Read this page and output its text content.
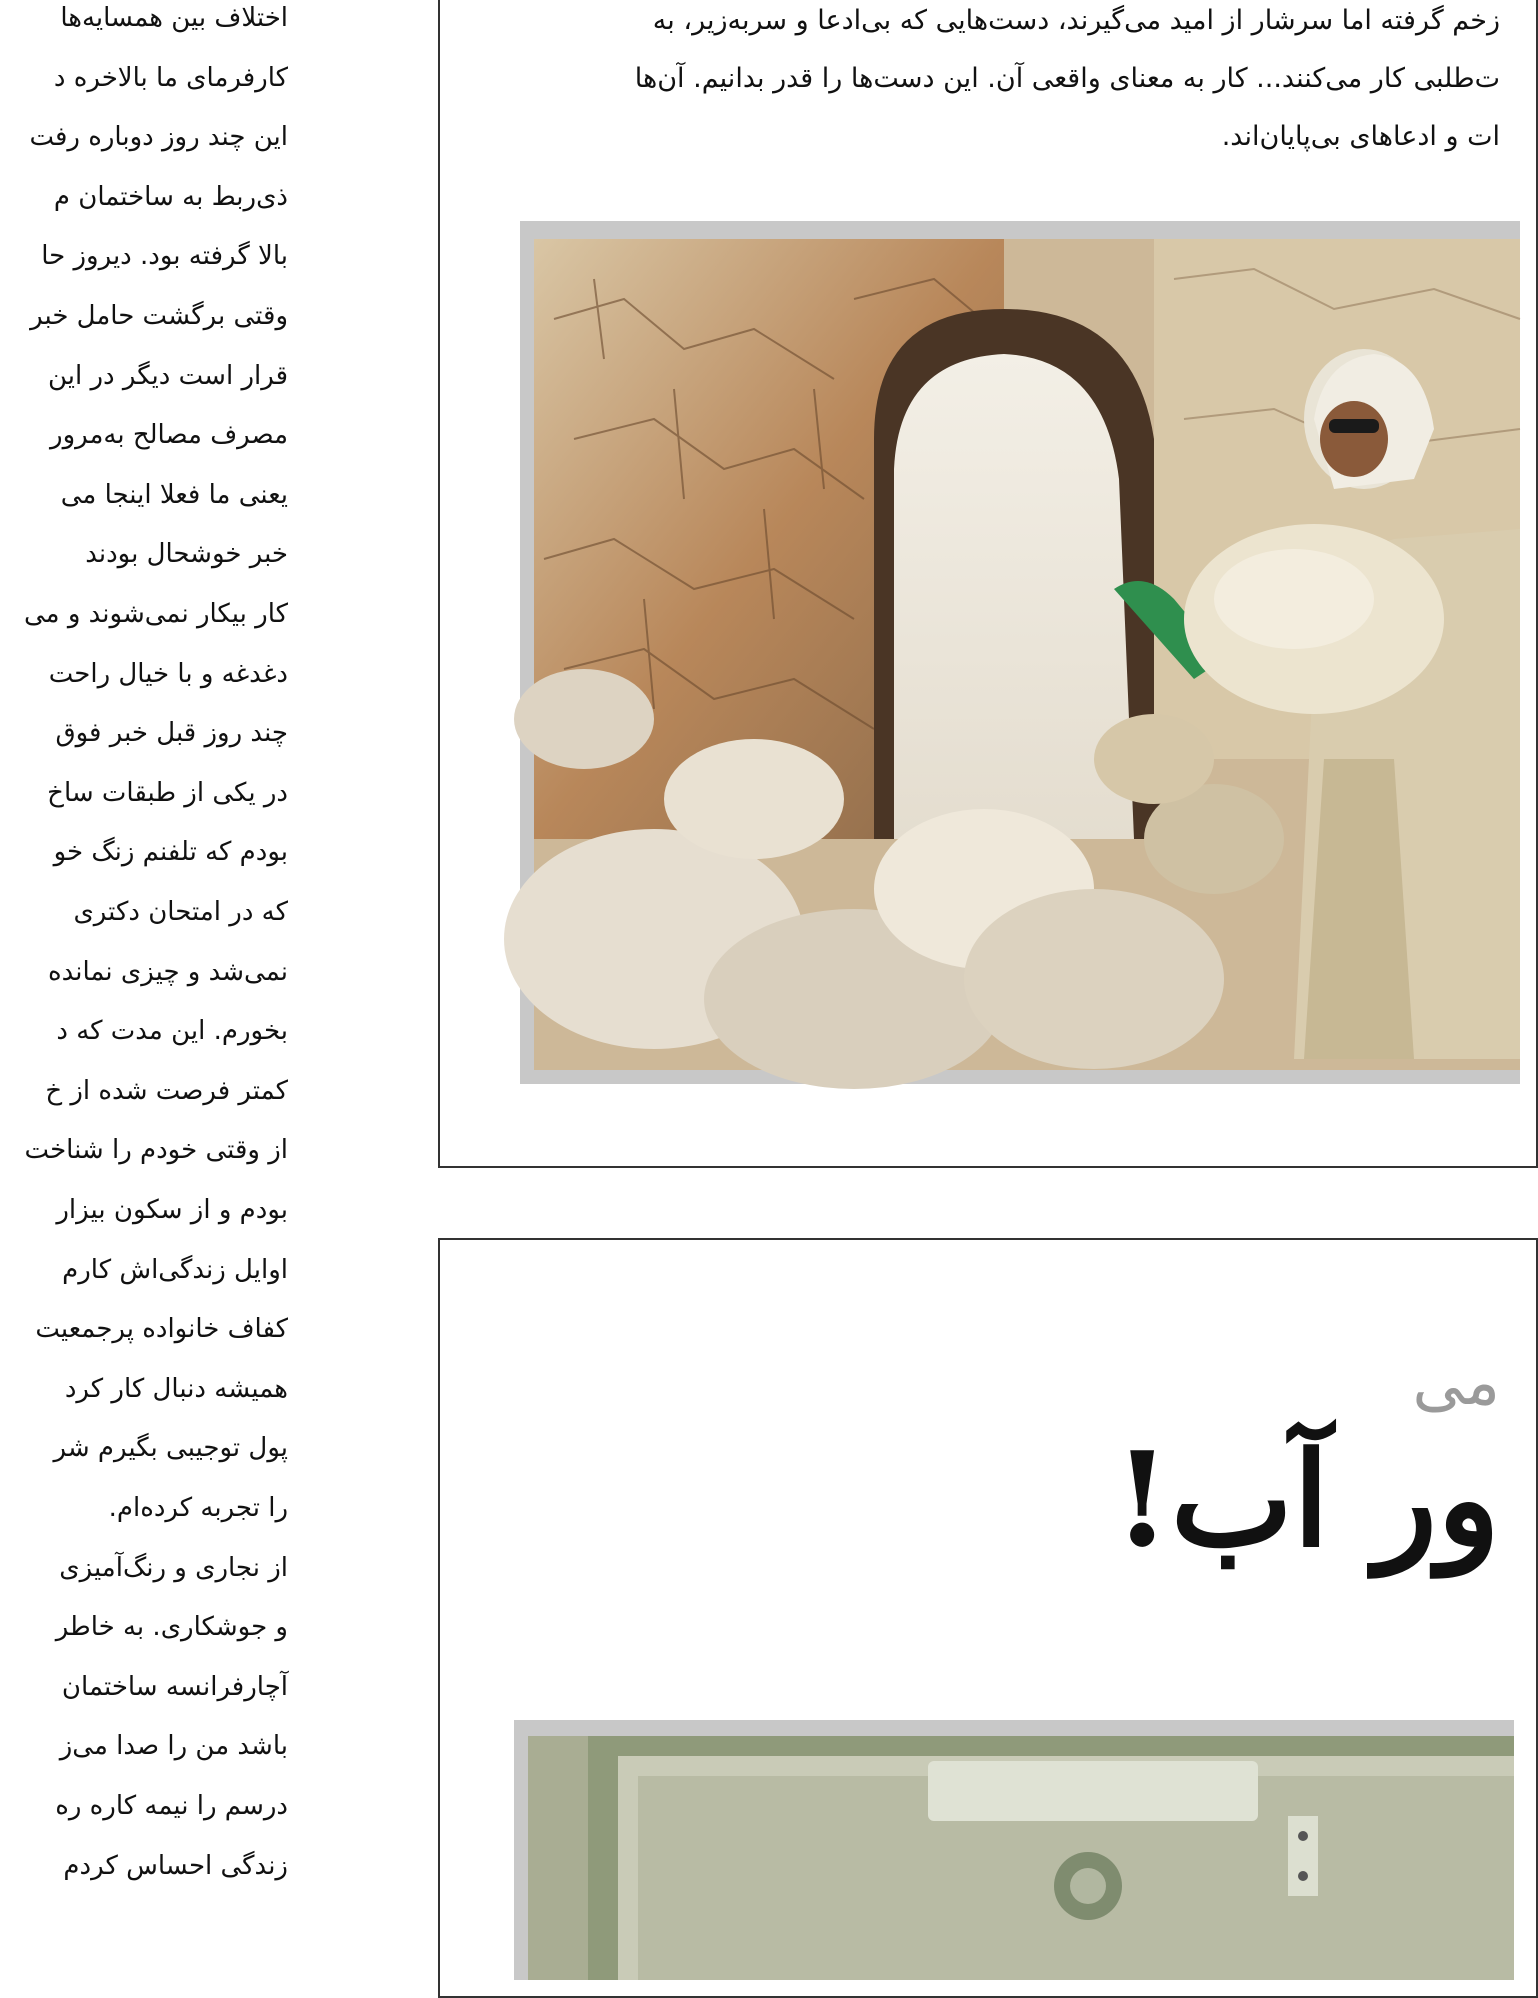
اختلاف بین همسایه‌ها
کارفرمای ما بالاخره د
این چند روز دوباره رفت
ذی‌ربط به ساختمان م
بالا گرفته بود. دیروز حا
وقتی برگشت حامل خبر
قرار است دیگر در این
مصرف مصالح به‌مرور
یعنی ما فعلا اینجا می
خبر خوشحال بودند
کار بیکار نمی‌شوند و می
دغدغه و با خیال راحت
چند روز قبل خبر فوق
در یکی از طبقات ساخ
بودم که تلفنم زنگ خو
که در امتحان دکتری
نمی‌شد و چیزی نمانده
بخورم. این مدت که د
کمتر فرصت شده از خ
از وقتی خودم را شناخت
بودم و از سکون بیزار
اوایل زندگی‌اش کارم
کفاف خانواده پرجمعیت
همیشه دنبال کار کرد
پول توجیبی بگیرم شر
را تجربه کرده‌ام.
از نجاری و رنگ‌آمیزی
و جوشکاری. به خاطر
آچارفرانسه ساختمان
باشد من را صدا می‌ز
درسم را نیمه کاره ره
زندگی احساس کردم
زخم گرفته اما سرشار از امید می‌گیرند، دست‌هایی که بی‌ادعا و سربه‌زیر، به
ت‌طلبی کار می‌کنند... کار به معنای واقعی آن. این دست‌ها را قدر بدانیم. آن‌ها
ات و ادعاهای بی‌پایان‌اند.
می
ور آب!
